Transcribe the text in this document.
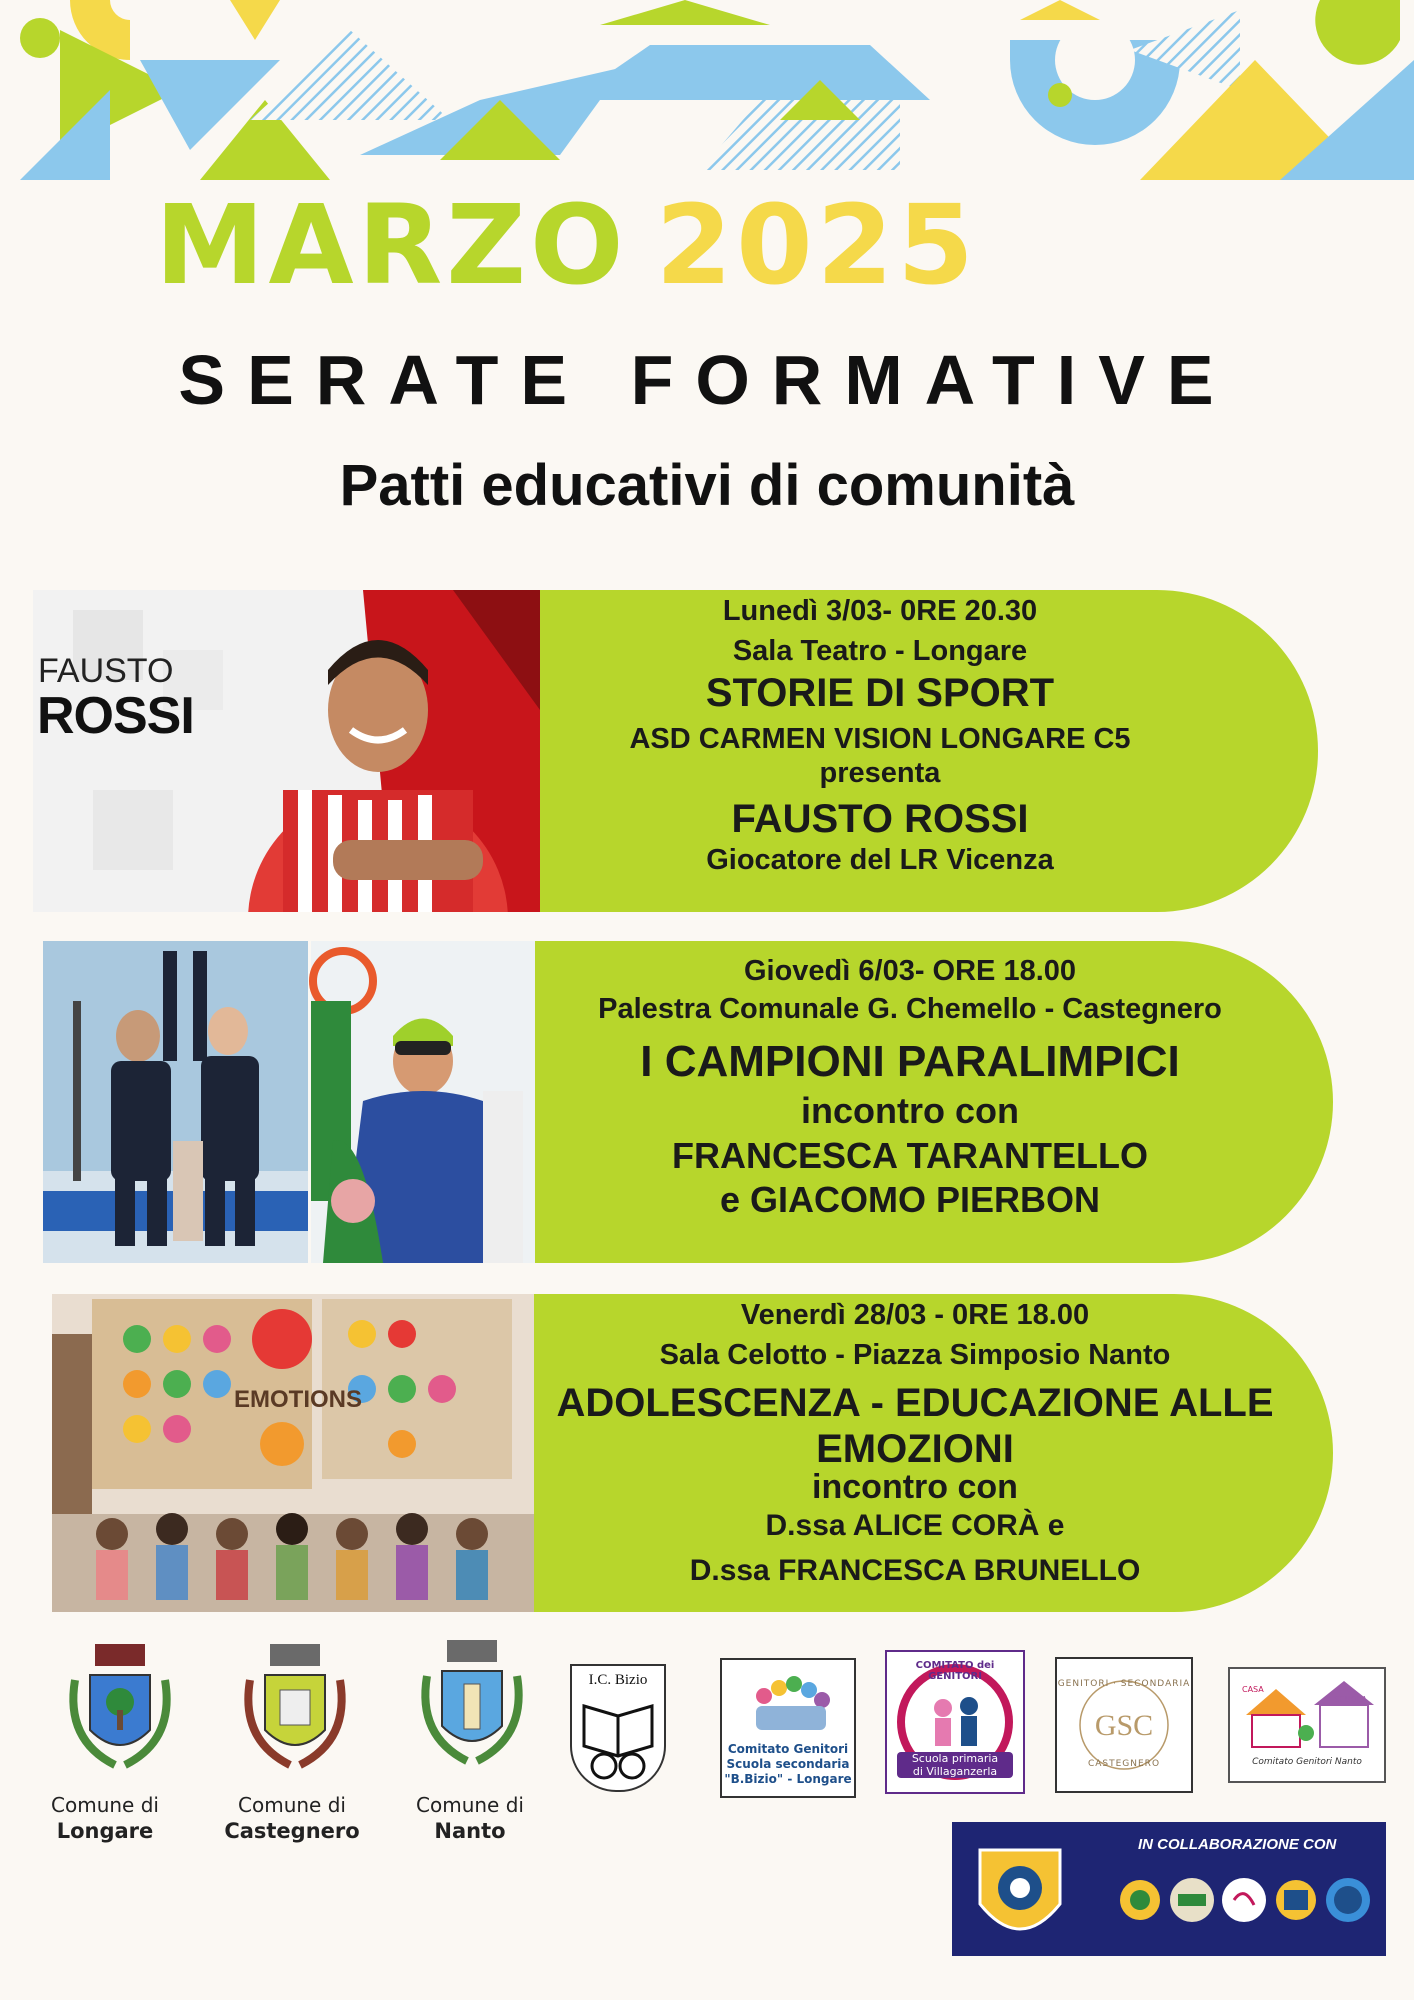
MARZO 2025
SERATE FORMATIVE
Patti educativi di comunità
FAUSTO
ROSSI
Lunedì 3/03- 0RE 20.30
Sala Teatro - Longare
STORIE DI SPORT
ASD CARMEN VISION LONGARE C5
presenta
FAUSTO ROSSI
Giocatore del LR Vicenza
Giovedì 6/03- ORE 18.00
Palestra Comunale G. Chemello - Castegnero
I CAMPIONI PARALIMPICI
incontro con
FRANCESCA TARANTELLO
e GIACOMO PIERBON
EMOTIONS
Venerdì 28/03 - 0RE 18.00
Sala Celotto - Piazza Simposio Nanto
ADOLESCENZA - EDUCAZIONE ALLE
EMOZIONI
incontro con
D.ssa ALICE CORÀ e
D.ssa FRANCESCA BRUNELLO
Comune di
Longare
Comune di
Castegnero
Comune di
Nanto
I.C. Bizio
Comitato Genitori
Scuola secondaria
"B.Bizio" - Longare
COMITATO dei GENITORI
Scuola primaria
di Villaganzerla
GENITORI · SECONDARIA
GSC
CASTEGNERO
CASA
SCUOLA
Comitato Genitori Nanto
IN COLLABORAZIONE CON
